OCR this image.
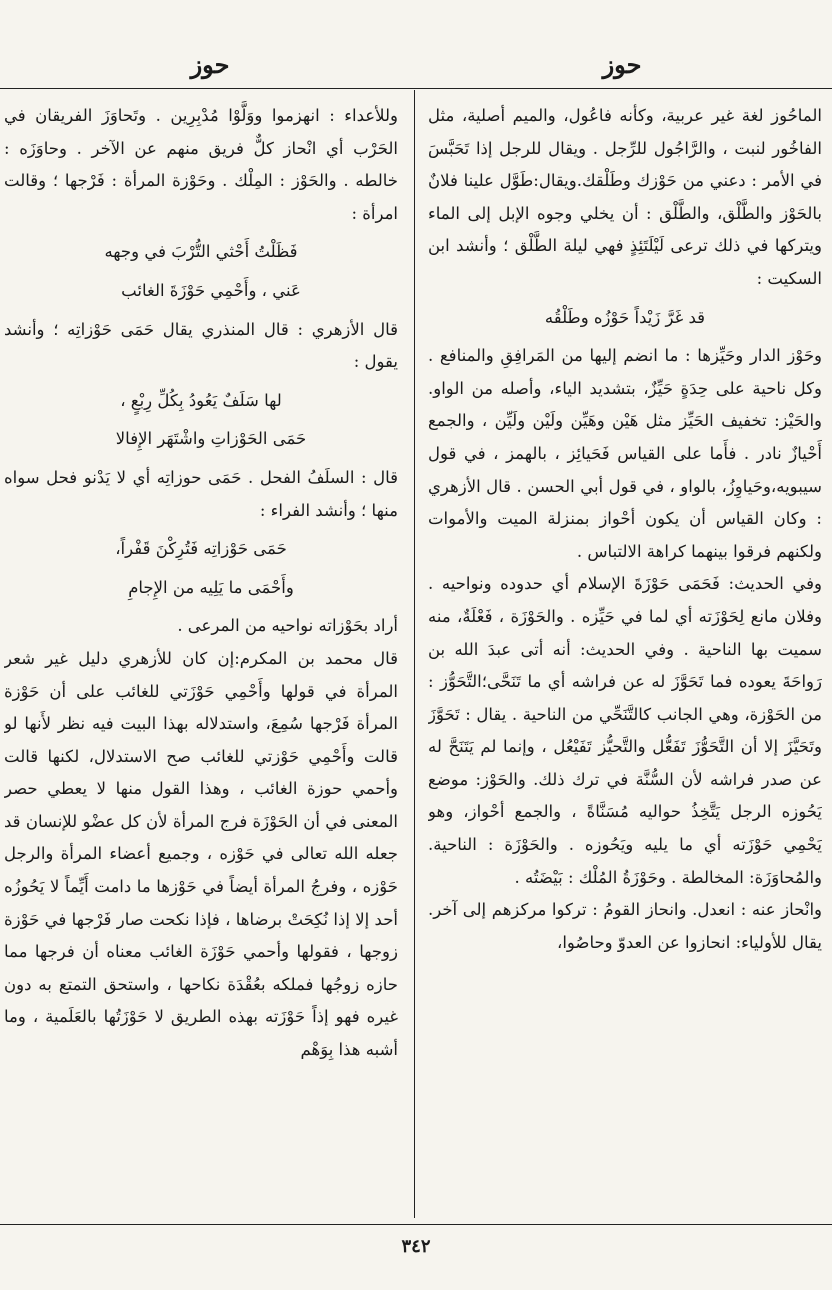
حوز
حوز

الماحُوز لغة غير عربية، وكأنه فاعُول، والميم أصلية، مثل الفاخُور لنبت ، والرَّاجُول للرِّجل . ويقال للرجل إذا تَحَبَّسَ في الأمر : دعني من حَوْزك وطَلْقك.ويقال:طَوَّل علينا فلانٌ بالحَوْز والطَّلْق، والطَّلْق : أن يخلي وجوه الإبل إلى الماء ويتركها في ذلك ترعى لَيْلَتَئِذٍ فهي ليلة الطَّلْق ؛ وأنشد ابن السكيت :

قد غَرَّ زَيْداً حَوْزُه وطَلْقُه

وحَوْز الدار وحَيِّزها : ما انضم إليها من المَرافِقِ والمنافع . وكل ناحية على حِدَةٍ حَيِّزٌ، بتشديد الياء، وأصله من الواو. والحَيْز: تخفيف الحَيِّز مثل هَيْن وهَيِّن ولَيْن ولَيِّن ، والجمع أَحْيازٌ نادر . فأَما على القياس فَحَيائِز ، بالهمز ، في قول سيبويه،وحَياوِزُ، بالواو ، في قول أبي الحسن . قال الأزهري : وكان القياس أن يكون أحْواز بمنزلة الميت والأموات ولكنهم فرقوا بينهما كراهة الالتباس .

وفي الحديث: فَحَمَى حَوْزَةَ الإسلام أي حدوده ونواحيه . وفلان مانع لِحَوْزَته أي لما في حَيِّزه . والحَوْزَة ، فَعْلَةٌ، منه سميت بها الناحية . وفي الحديث: أنه أتى عبدَ الله بن رَواحَةَ يعوده فما تَحَوَّزَ له عن فراشه أي ما تَنَحَّى؛التَّحَوُّز : من الحَوْزة، وهي الجانب كالتَّنَحِّي من الناحية . يقال : تَحَوَّزَ وتَحَيَّزَ إلا أن التَّحَوُّزَ تَفَعُّل والتَّحيُّز تَفَيْعُل ، وإنما لم يَتَنَحَّ له عن صدر فراشه لأن السُّنَّة في ترك ذلك. والحَوْز: موضع يَحُوزه الرجل يَتَّخِذُ حواليه مُسَنَّاةً ، والجمع أحْواز، وهو يَحْمِي حَوْزَته أي ما يليه ويَحُوزه . والحَوْزَة : الناحية. والمُحاوَزَة: المخالطة . وحَوْزَةُ المُلْك : بَيْضَتُه .

وانْحاز عنه : انعدل. وانحاز القومُ : تركوا مركزهم إلى آخر. يقال للأولياء: انحازوا عن العدوّ وحاصُوا،

وللأعداء : انهزموا ووَلَّوْا مُدْبِرِين . وتَحاوَزَ الفريقان في الحَرْب أي انْحاز كلٌّ فريق منهم عن الآخر . وحاوَزَه : خالطه . والحَوْز : المِلْك . وحَوْزة المرأة : فَرْجها ؛ وقالت امرأة :

فَظَلْتُ أَحْثي التُّرْبَ في وجهه

عَني ، وأَحْمِي حَوْزَةَ الغائب

قال الأزهري : قال المنذري يقال حَمَى حَوْزاتِه ؛ وأنشد يقول :

لها سَلَفٌ يَعُودُ بِكُلِّ رِبْعٍ ،

حَمَى الحَوْزاتِ واشْتَهَر الإِفالا

قال : السلَفُ الفحل . حَمَى حوزاتِه أي لا يَدْنو فحل سواه منها ؛ وأنشد الفراء :

حَمَى حَوْزاتِه فَتُرِكْنَ قَفْراً،

وأَحْمَى ما يَلِيه من الإِجامِ

أراد بحَوْزاته نواحيه من المرعى .

قال محمد بن المكرم:إن كان للأزهري دليل غير شعر المرأة في قولها وأَحْمِي حَوْزَتي للغائب على أن حَوْزة المرأة فَرْجها سُمِعَ، واستدلاله بهذا البيت فيه نظر لأَنها لو قالت وأَحْمِي حَوْزتي للغائب صح الاستدلال، لكنها قالت وأحمي حوزة الغائب ، وهذا القول منها لا يعطي حصر المعنى في أن الحَوْزَة فرج المرأة لأن كل عضْو للإنسان قد جعله الله تعالى في حَوْزه ، وجميع أعضاء المرأة والرجل حَوْزه ، وفرجُ المرأة أيضاً في حَوْزها ما دامت أَيِّماً لا يَحُوزُه أحد إلا إذا نُكِحَتْ برضاها ، فإذا نكحت صار فَرْجها في حَوْزة زوجها ، فقولها وأحمي حَوْزَة الغائب معناه أن فرجها مما حازه زوجُها فملكه بعُقْدَة نكاحها ، واستحق التمتع به دون غيره فهو إذاً حَوْزَته بهذه الطريق لا حَوْزَتُها بالعَلَمية ، وما أشبه هذا بِوَهْم

٣٤٢
